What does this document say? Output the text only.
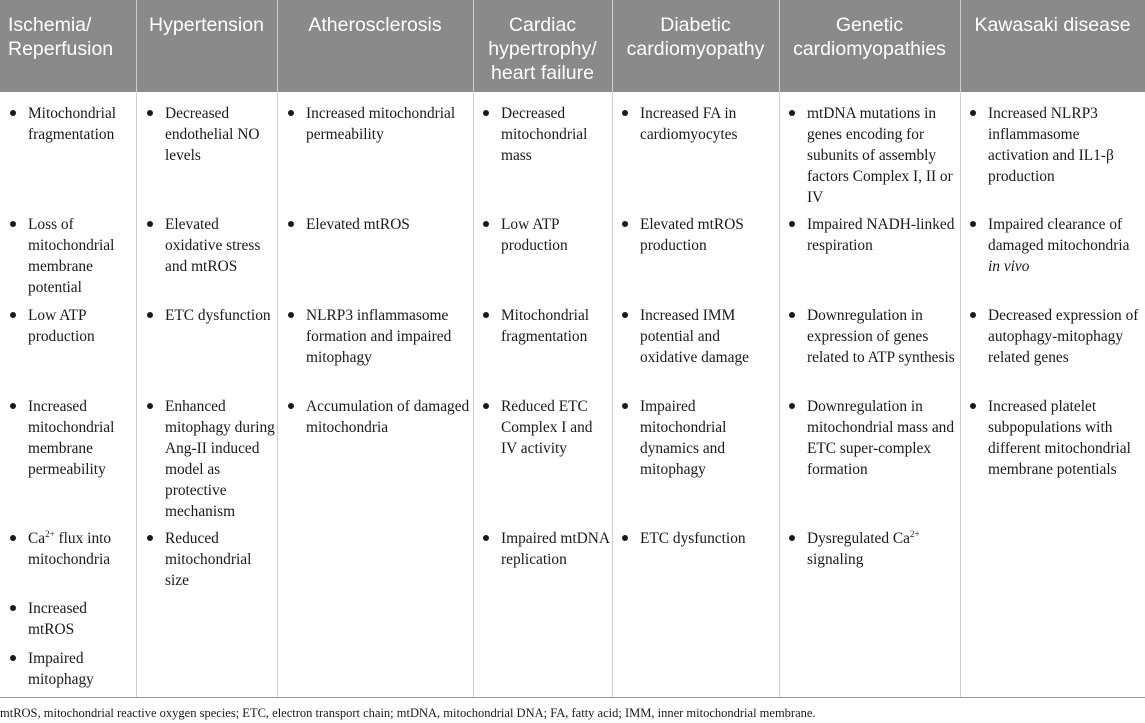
Ischemia/
Reperfusion
Hypertension	Atherosclerosis	Cardiac
hypertrophy/
heart failure
Diabetic
cardiomyopathy
Genetic
cardiomyopathies
Kawasaki disease
Mitochondrial fragmentation
Loss of mitochondrial membrane potential
Low ATP production
Increased mitochondrial membrane permeability
$Ca^{2+}$ flux into mitochondria
Increased mtROS
Impaired mitophagy
Decreased endothelial NO levels
Elevated oxidative stress and mtROS
ETC dysfunction
Enhanced mitophagy during Ang-II induced model as protective mechanism
Reduced mitochondrial size
Increased mitochondrial permeability
Elevated mtROS
NLRP3 inflammasome formation and impaired mitophagy
Accumulation of damaged mitochondria
Decreased mitochondrial mass
Low ATP production
Mitochondrial fragmentation
Reduced ETC Complex I and IV activity
Impaired mtDNA replication
Increased FA in cardiomyocytes
Elevated mtROS production
Increased IMM potential and oxidative damage
Impaired mitochondrial dynamics and mitophagy
ETC dysfunction
mtDNA mutations in genes encoding for subunits of assembly factors Complex I, II or IV
Impaired NADH-linked respiration
Downregulation in expression of genes related to ATP synthesis
Downregulation in mitochondrial mass and ETC super-complex formation
Dysregulated $Ca^{2+}$ signaling
Increased NLRP3 inflammasome activation and IL1-β production
Impaired clearance of damaged mitochondria in vivo
Decreased expression of autophagy-mitophagy related genes
Increased platelet subpopulations with different mitochondrial membrane potentials
mtROS, mitochondrial reactive oxygen species; ETC, electron transport chain; mtDNA, mitochondrial DNA; FA, fatty acid; IMM, inner mitochondrial membrane.
